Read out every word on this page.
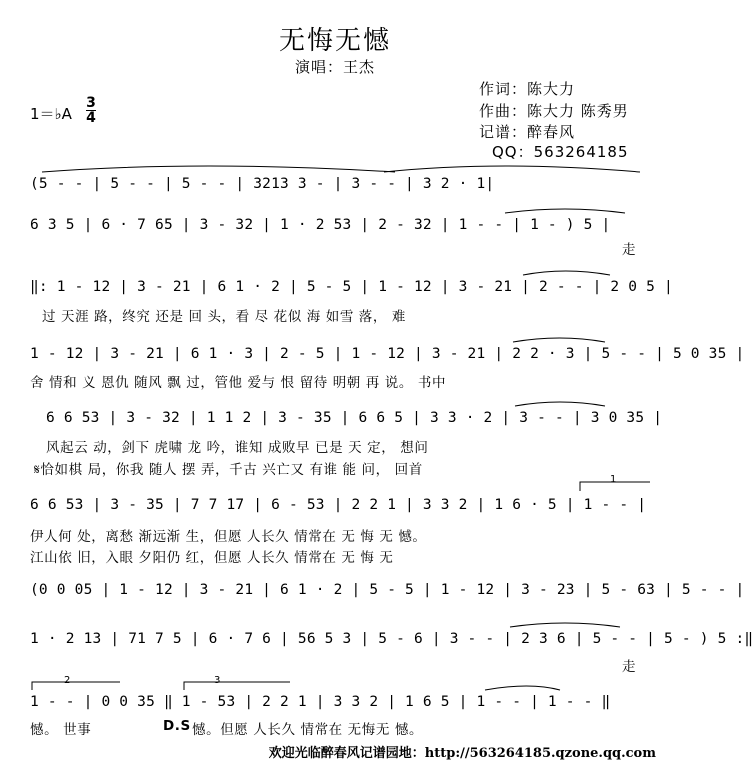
无悔无憾
演唱：王杰
作词：陈大力
作曲：陈大力 陈秀男
记谱：醉春风
QQ：563264185
1＝♭A
3
4
(5 - - | 5 - - | 5 - - | 3213 3 - | 3 - - | 3 2 · 1|
6 3 5 | 6 · 7 65 | 3 - 32 | 1 · 2 53 | 2 - 32 | 1 - - | 1 - ) 5 |
走
‖: 1 - 12 | 3 - 21 | 6 1 · 2 | 5 - 5 | 1 - 12 | 3 - 21 | 2 - - | 2 0 5 |
过 天涯 路，终究 还是 回 头，看 尽 花似 海 如雪 落， 难
1 - 12 | 3 - 21 | 6 1 · 3 | 2 - 5 | 1 - 12 | 3 - 21 | 2 2 · 3 | 5 - - | 5 0 35 |
舍 情和 义 恩仇 随风 飘 过，管他 爱与 恨 留待 明朝 再 说。 书中
6 6 53 | 3 - 32 | 1 1 2 | 3 - 35 | 6 6 5 | 3 3 · 2 | 3 - - | 3 0 35 |
风起云 动，剑下 虎啸 龙 吟，谁知 成败早 已是 天 定， 想问
𝄋恰如棋 局，你我 随人 摆 弄，千古 兴亡又 有谁 能 问， 回首
6 6 53 | 3 - 35 | 7 7 17 | 6 - 53 | 2 2 1 | 3 3 2 | 1 6 · 5 | 1 - - |
1
伊人何 处，离愁 渐远渐 生，但愿 人长久 情常在 无 悔 无 憾。
江山依 旧，入眼 夕阳仍 红，但愿 人长久 情常在 无 悔 无
(0 0 05 | 1 - 12 | 3 - 21 | 6 1 · 2 | 5 - 5 | 1 - 12 | 3 - 23 | 5 - 63 | 5 - - |
1 · 2 13 | 71 7 5 | 6 · 7 6 | 56 5 3 | 5 - 6 | 3 - - | 2 3 6 | 5 - - | 5 - ) 5 :‖
走
1 - - | 0 0 35 ‖ 1 - 53 | 2 2 1 | 3 3 2 | 1 6 5 | 1 - - | 1 - - ‖
2	3
憾。 世事	D.S 憾。但愿 人长久 情常在 无悔无 憾。
欢迎光临醉春风记谱园地：http://563264185.qzone.qq.com
